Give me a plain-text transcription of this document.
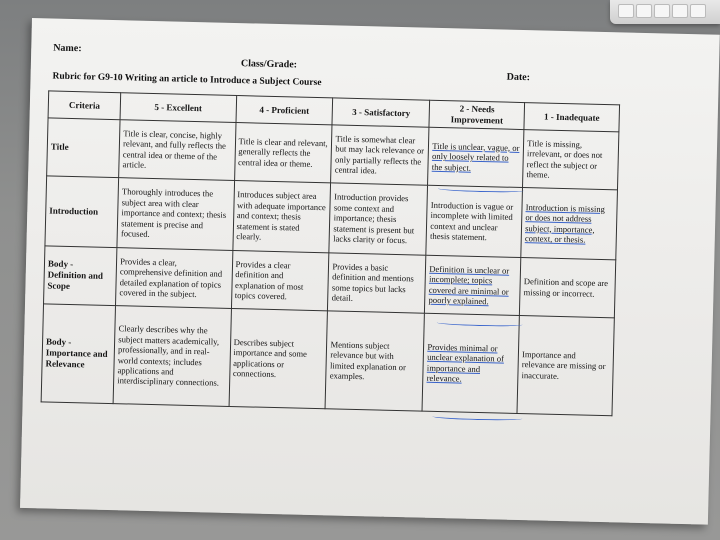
Name:
Class/Grade:
Date:
Rubric for G9-10 Writing an article to Introduce a Subject Course
Criteria	5 - Excellent	4 - Proficient	3 - Satisfactory	2 - Needs Improvement	1 - Inadequate
Title	Title is clear, concise, highly relevant, and fully reflects the central idea or theme of the article.	Title is clear and relevant, generally reflects the central idea or theme.	Title is somewhat clear but may lack relevance or only partially reflects the central idea.	Title is unclear, vague, or only loosely related to the subject.	Title is missing, irrelevant, or does not reflect the subject or theme.
Introduction	Thoroughly introduces the subject area with clear importance and context; thesis statement is precise and focused.	Introduces subject area with adequate importance and context; thesis statement is stated clearly.	Introduction provides some context and importance; thesis statement is present but lacks clarity or focus.	Introduction is vague or incomplete with limited context and unclear thesis statement.	Introduction is missing or does not address subject, importance, context, or thesis.
Body - Definition and Scope	Provides a clear, comprehensive definition and detailed explanation of topics covered in the subject.	Provides a clear definition and explanation of most topics covered.	Provides a basic definition and mentions some topics but lacks detail.	Definition is unclear or incomplete; topics covered are minimal or poorly explained.	Definition and scope are missing or incorrect.
Body - Importance and Relevance	Clearly describes why the subject matters academically, professionally, and in real-world contexts; includes applications and interdisciplinary connections.	Describes subject importance and some applications or connections.	Mentions subject relevance but with limited explanation or examples.	Provides minimal or unclear explanation of importance and relevance.	Importance and relevance are missing or inaccurate.
